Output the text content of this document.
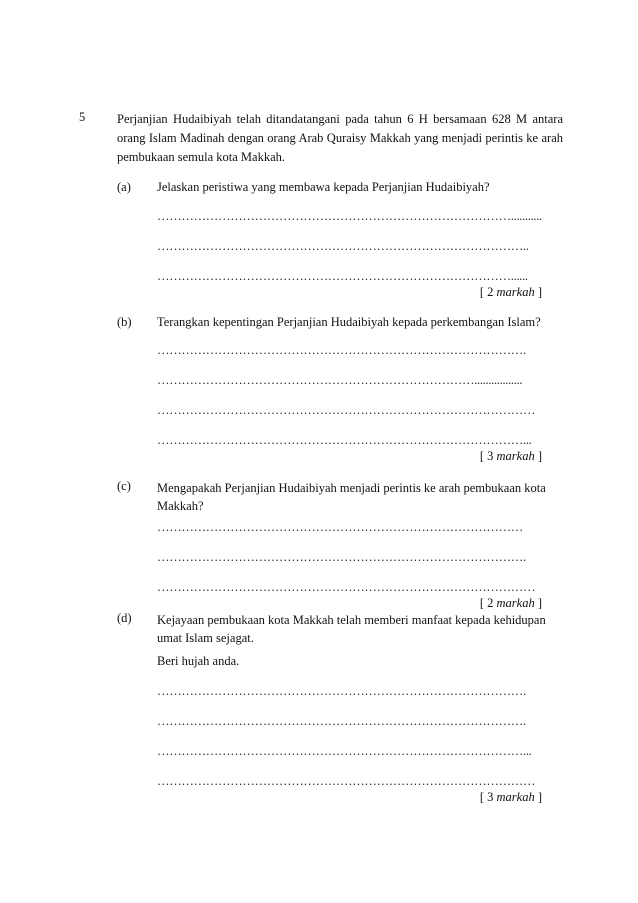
5	Perjanjian Hudaibiyah telah ditandatangani pada tahun 6 H bersamaan 628 M antara orang Islam Madinah dengan orang Arab Quraisy Makkah yang menjadi perintis ke arah pembukaan semula kota Makkah.
(a) Jelaskan peristiwa yang membawa kepada Perjanjian Hudaibiyah?
……………………………………………………………………………...........
………………………………………………………………………………..
……………………………………………………………………………......
[ 2 markah ]
(b) Terangkan kepentingan Perjanjian Hudaibiyah kepada perkembangan Islam?
……………………………………………………………………………….
…………………………………………………………………….................
…………………………………………………………………………………
………………………………………………………………………………...
[ 3 markah ]
(c) Mengapakah Perjanjian Hudaibiyah menjadi perintis ke arah pembukaan kota Makkah?
………………………………………………………………………………
……………………………………………………………………………….
…………………………………………………………………………………
[ 2 markah ]
(d) Kejayaan pembukaan kota Makkah telah memberi manfaat kepada kehidupan umat Islam sejagat.
Beri hujah anda.
……………………………………………………………………………….
……………………………………………………………………………….
………………………………………………………………………………...
…………………………………………………………………………………
[ 3 markah ]
